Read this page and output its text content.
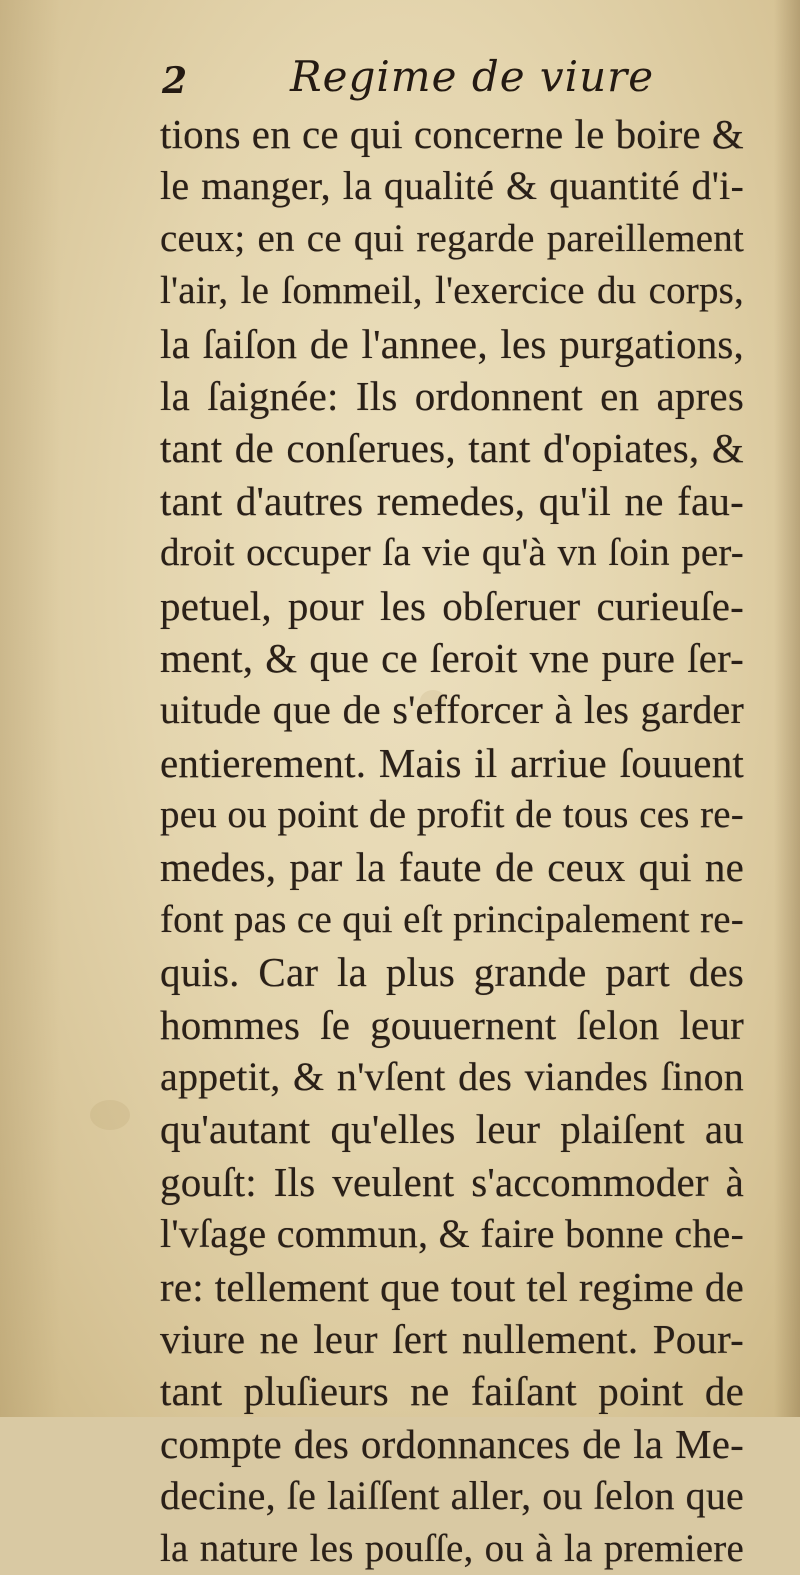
2 Regime de viure
tions en ce qui concerne le boire &
le manger, la qualité & quantité d'i-
ceux; en ce qui regarde pareillement
l'air, le ſommeil, l'exercice du corps,
la ſaiſon de l'annee, les purgations,
la ſaignée: Ils ordonnent en apres
tant de conſerues, tant d'opiates, &
tant d'autres remedes, qu'il ne fau-
droit occuper ſa vie qu'à vn ſoin per-
petuel, pour les obſeruer curieuſe-
ment, & que ce ſeroit vne pure ſer-
uitude que de s'efforcer à les garder
entierement. Mais il arriue ſouuent
peu ou point de profit de tous ces re-
medes, par la faute de ceux qui ne
font pas ce qui eſt principalement re-
quis. Car la plus grande part des
hommes ſe gouuernent ſelon leur
appetit, & n'vſent des viandes ſinon
qu'autant qu'elles leur plaiſent au
gouſt: Ils veulent s'accommoder à
l'vſage commun, & faire bonne che-
re: tellement que tout tel regime de
viure ne leur ſert nullement. Pour-
tant pluſieurs ne faiſant point de
compte des ordonnances de la Me-
decine, ſe laiſſent aller, ou ſelon que
la nature les pouſſe, ou à la premiere
